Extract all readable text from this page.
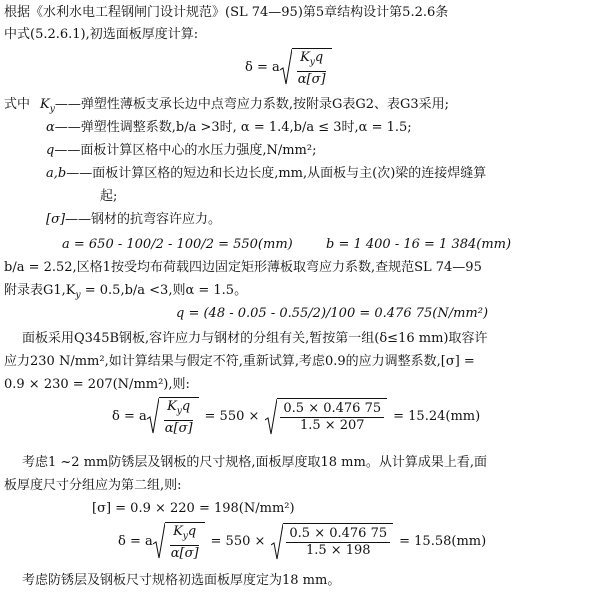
根据《水利水电工程钢闸门设计规范》(SL 74—95)第5章结构设计第5.2.6条
中式(5.2.6.1),初选面板厚度计算:
δ = a $\frac{K_yq}{\alpha[\sigma]}$
式中 $K_y——$弹塑性薄板支承长边中点弯应力系数,按附录G表G2、表G3采用;
α——弹塑性调整系数,b/a >3时, α = 1.4,b/a ≤ 3时,α = 1.5;
q——面板计算区格中心的水压力强度,N/mm²;
a,b——面板计算区格的短边和长边长度,mm,从面板与主(次)梁的连接焊缝算
起;
[σ]——钢材的抗弯容许应力。
a = 650 - 100/2 - 100/2 = 550(mm)	b = 1 400 - 16 = 1 384(mm)
b/a = 2.52,区格1按受均布荷载四边固定矩形薄板取弯应力系数,查规范SL 74—95
附录表$G1,K_y = 0.5,b/a <3$,则α = 1.5。
q = (48 - 0.05 - 0.55/2)/100 = 0.476 75(N/mm²)
面板采用Q345B钢板,容许应力与钢材的分组有关,暂按第一组(δ≤16 mm)取容许
应力230 N/mm²,如计算结果与假定不符,重新试算,考虑0.9的应力调整系数,[σ] =
0.9 × 230 = 207(N/mm²),则:
δ = a $\frac{K_yq}{\alpha[\sigma]} = 550 \times \frac{0.5 \times 0.476 75}{1.5 \times 207} = 15.24(mm)$
考虑1 ~2 mm防锈层及钢板的尺寸规格,面板厚度取18 mm。从计算成果上看,面
板厚度尺寸分组应为第二组,则:
[σ] = 0.9 × 220 = 198(N/mm²)
δ = a $\frac{K_yq}{\alpha[\sigma]} = 550 \times \frac{0.5 \times 0.476 75}{1.5 \times 198} = 15.58(mm)$
考虑防锈层及钢板尺寸规格初选面板厚度定为18 mm。
